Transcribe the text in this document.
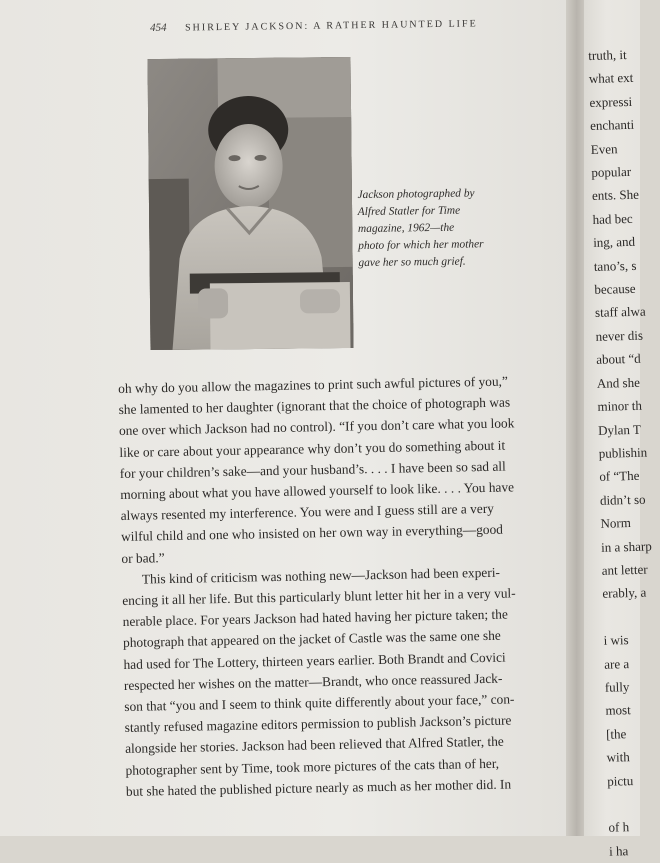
454 SHIRLEY JACKSON: A RATHER HAUNTED LIFE
Jackson photographed by
Alfred Statler for Time
magazine, 1962—the
photo for which her mother
gave her so much grief.
oh why do you allow the magazines to print such awful pictures of you,”
she lamented to her daughter (ignorant that the choice of photograph was
one over which Jackson had no control). “If you don’t care what you look
like or care about your appearance why don’t you do something about it
for your children’s sake—and your husband’s. . . . I have been so sad all
morning about what you have allowed yourself to look like. . . . You have
always resented my interference. You were and I guess still are a very
wilful child and one who insisted on her own way in everything—good
or bad.”
This kind of criticism was nothing new—Jackson had been experi-
encing it all her life. But this particularly blunt letter hit her in a very vul-
nerable place. For years Jackson had hated having her picture taken; the
photograph that appeared on the jacket of Castle was the same one she
had used for The Lottery, thirteen years earlier. Both Brandt and Covici
respected her wishes on the matter—Brandt, who once reassured Jack-
son that “you and I seem to think quite differently about your face,” con-
stantly refused magazine editors permission to publish Jackson’s picture
alongside her stories. Jackson had been relieved that Alfred Statler, the
photographer sent by Time, took more pictures of the cats than of her,
but she hated the published picture nearly as much as her mother did. In
truth, it
what ext
expressi
enchanti
Even
popular
ents. She
had bec
ing, and
tano’s, s
because
staff alwa
never dis
about “d
And she
minor th
Dylan T
publishin
of “The
didn’t so
Norm
in a sharp
ant letter
erably, a

i wis
are a
fully
most
[the
with
pictu

of h
i ha
